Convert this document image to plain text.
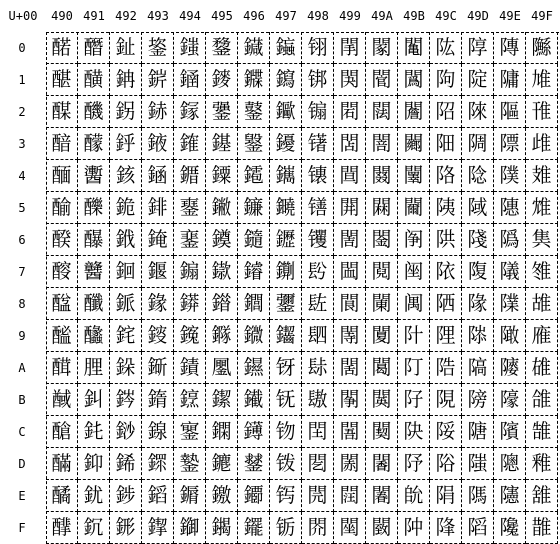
U+00	490 491 492 493 494 495 496 497 498 499 49A 49B 49C 49D 49E 49F
0
1
2
3
4
5
6
7
8
9
A
B
C
D
E
F
䤀
䤁
䤂
䤃
䤄
䤅
䤆
䤇
䤈
䤉
䤊
䤋
䤌
䤍
䤎
䤏
䤐
䤑
䤒
䤓
䤔
䤕
䤖
䤗
䤘
䤙
䤚
䤛
䤜
䤝
䤞
䤟
䤠
䤡
䤢
䤣
䤤
䤥
䤦
䤧
䤨
䤩
䤪
䤫
䤬
䤭
䤮
䤯
䤰
䤱
䤲
䤳
䤴
䤵
䤶
䤷
䤸
䤹
䤺
䤻
䤼
䤽
䤾
䤿
䥀
䥁
䥂
䥃
䥄
䥅
䥆
䥇
䥈
䥉
䥊
䥋
䥌
䥍
䥎
䥏
䥐
䥑
䥒
䥓
䥔
䥕
䥖
䥗
䥘
䥙
䥚
䥛
䥜
䥝
䥞
䥟
䥠
䥡
䥢
䥣
䥤
䥥
䥦
䥧
䥨
䥩
䥪
䥫
䥬
䥭
䥮
䥯
䥰
䥱
䥲
䥳
䥴
䥵
䥶
䥷
䥸
䥹
䥺
䥻
䥼
䥽
䥾
䥿
䦀
䦁
䦂
䦃
䦄
䦅
䦆
䦇
䦈
䦉
䦊
䦋
䦌
䦍
䦎
䦏
䦐
䦑
䦒
䦓
䦔
䦕
䦖
䦗
䦘
䦙
䦚
䦛
䦜
䦝
䦞
䦟
䦠
䦡
䦢
䦣
䦤
䦥
䦦
䦧
䦨
䦩
䦪
䦫
䦬
䦭
䦮
䦯
䦰
䦱
䦲
䦳
䦴
䦵
䦶
䦷
䦸
䦹
䦺
䦻
䦼
䦽
䦾
䦿
䧀
䧁
䧂
䧃
䧄
䧅
䧆
䧇
䧈
䧉
䧊
䧋
䧌
䧍
䧎
䧏
䧐
䧑
䧒
䧓
䧔
䧕
䧖
䧗
䧘
䧙
䧚
䧛
䧜
䧝
䧞
䧟
䧠
䧡
䧢
䧣
䧤
䧥
䧦
䧧
䧨
䧩
䧪
䧫
䧬
䧭
䧮
䧯
䧰
䧱
䧲
䧳
䧴
䧵
䧶
䧷
䧸
䧹
䧺
䧻
䧼
䧽
䧾
䧿
